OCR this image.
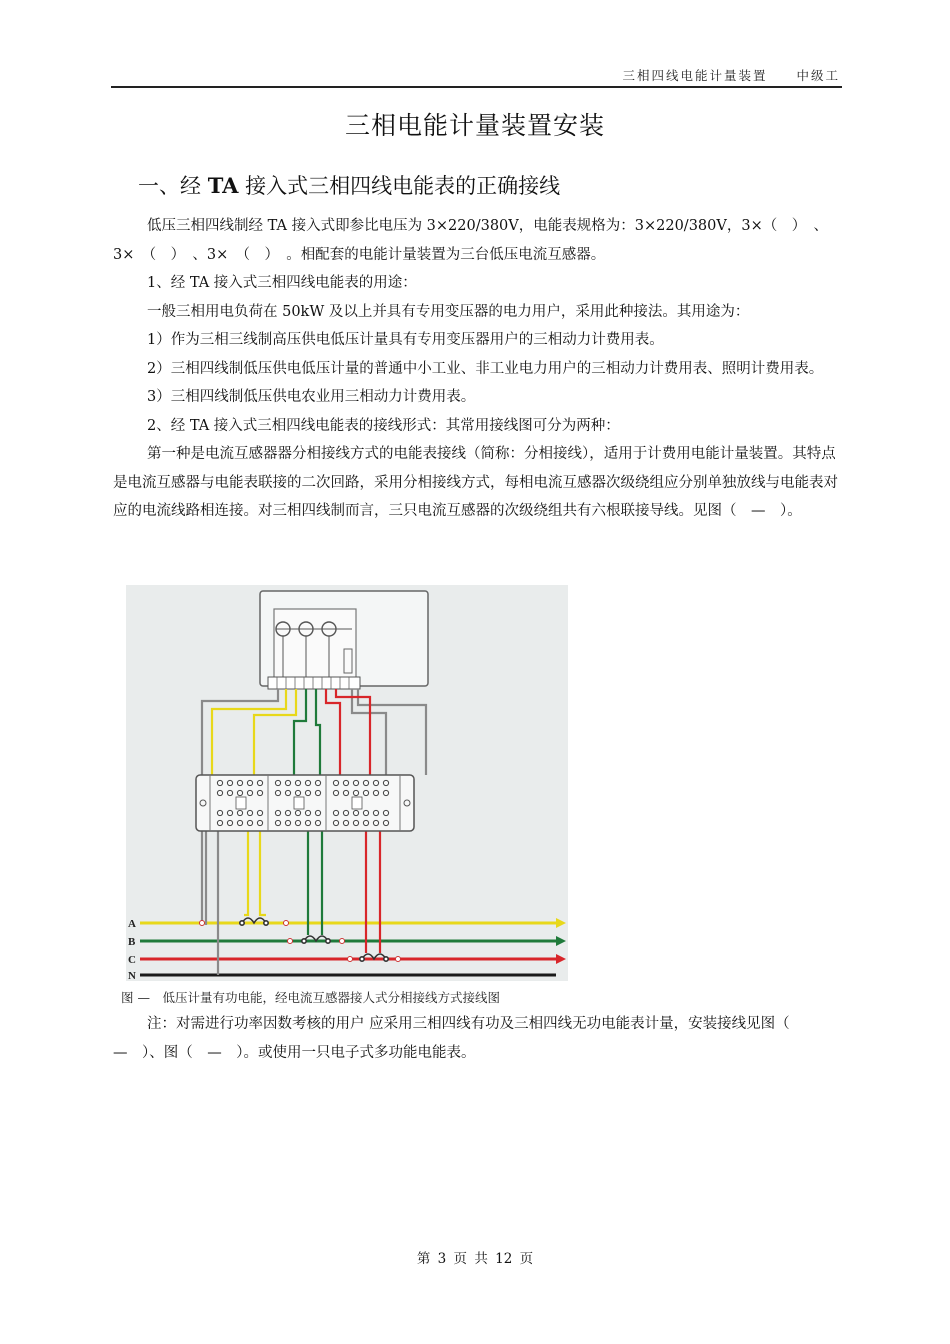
三相四线电能计量装置　　中级工
三相电能计量装置安装
一、经 TA 接入式三相四线电能表的正确接线

低压三相四线制经 TA 接入式即参比电压为 3×220/380V，电能表规格为：3×220/380V，3×（　）　、3×　（　）　、3×　（　）　。相配套的电能计量装置为三台低压电流互感器。

1、经 TA 接入式三相四线电能表的用途：

一般三相用电负荷在 50kW 及以上并具有专用变压器的电力用户，采用此种接法。其用途为：

1）作为三相三线制高压供电低压计量具有专用变压器用户的三相动力计费用表。

2）三相四线制低压供电低压计量的普通中小工业、非工业电力用户的三相动力计费用表、照明计费用表。

3）三相四线制低压供电农业用三相动力计费用表。

2、经 TA 接入式三相四线电能表的接线形式：其常用接线图可分为两种：

第一种是电流互感器器分相接线方式的电能表接线（简称：分相接线），适用于计费用电能计量装置。其特点是电流互感器与电能表联接的二次回路，采用分相接线方式，每相电流互感器次级绕组应分别单独放线与电能表对应的电流线路相连接。对三相四线制而言，三只电流互感器的次级绕组共有六根联接导线。见图（　—　）。

A
B
C
N
图 —　低压计量有功电能，经电流互感器接人式分相接线方式接线图

注：对需进行功率因数考核的用户 应采用三相四线有功及三相四线无功电能表计量，安装接线见图（　—　）、图（　—　）。或使用一只电子式多功能电能表。

第 3 页 共 12 页
